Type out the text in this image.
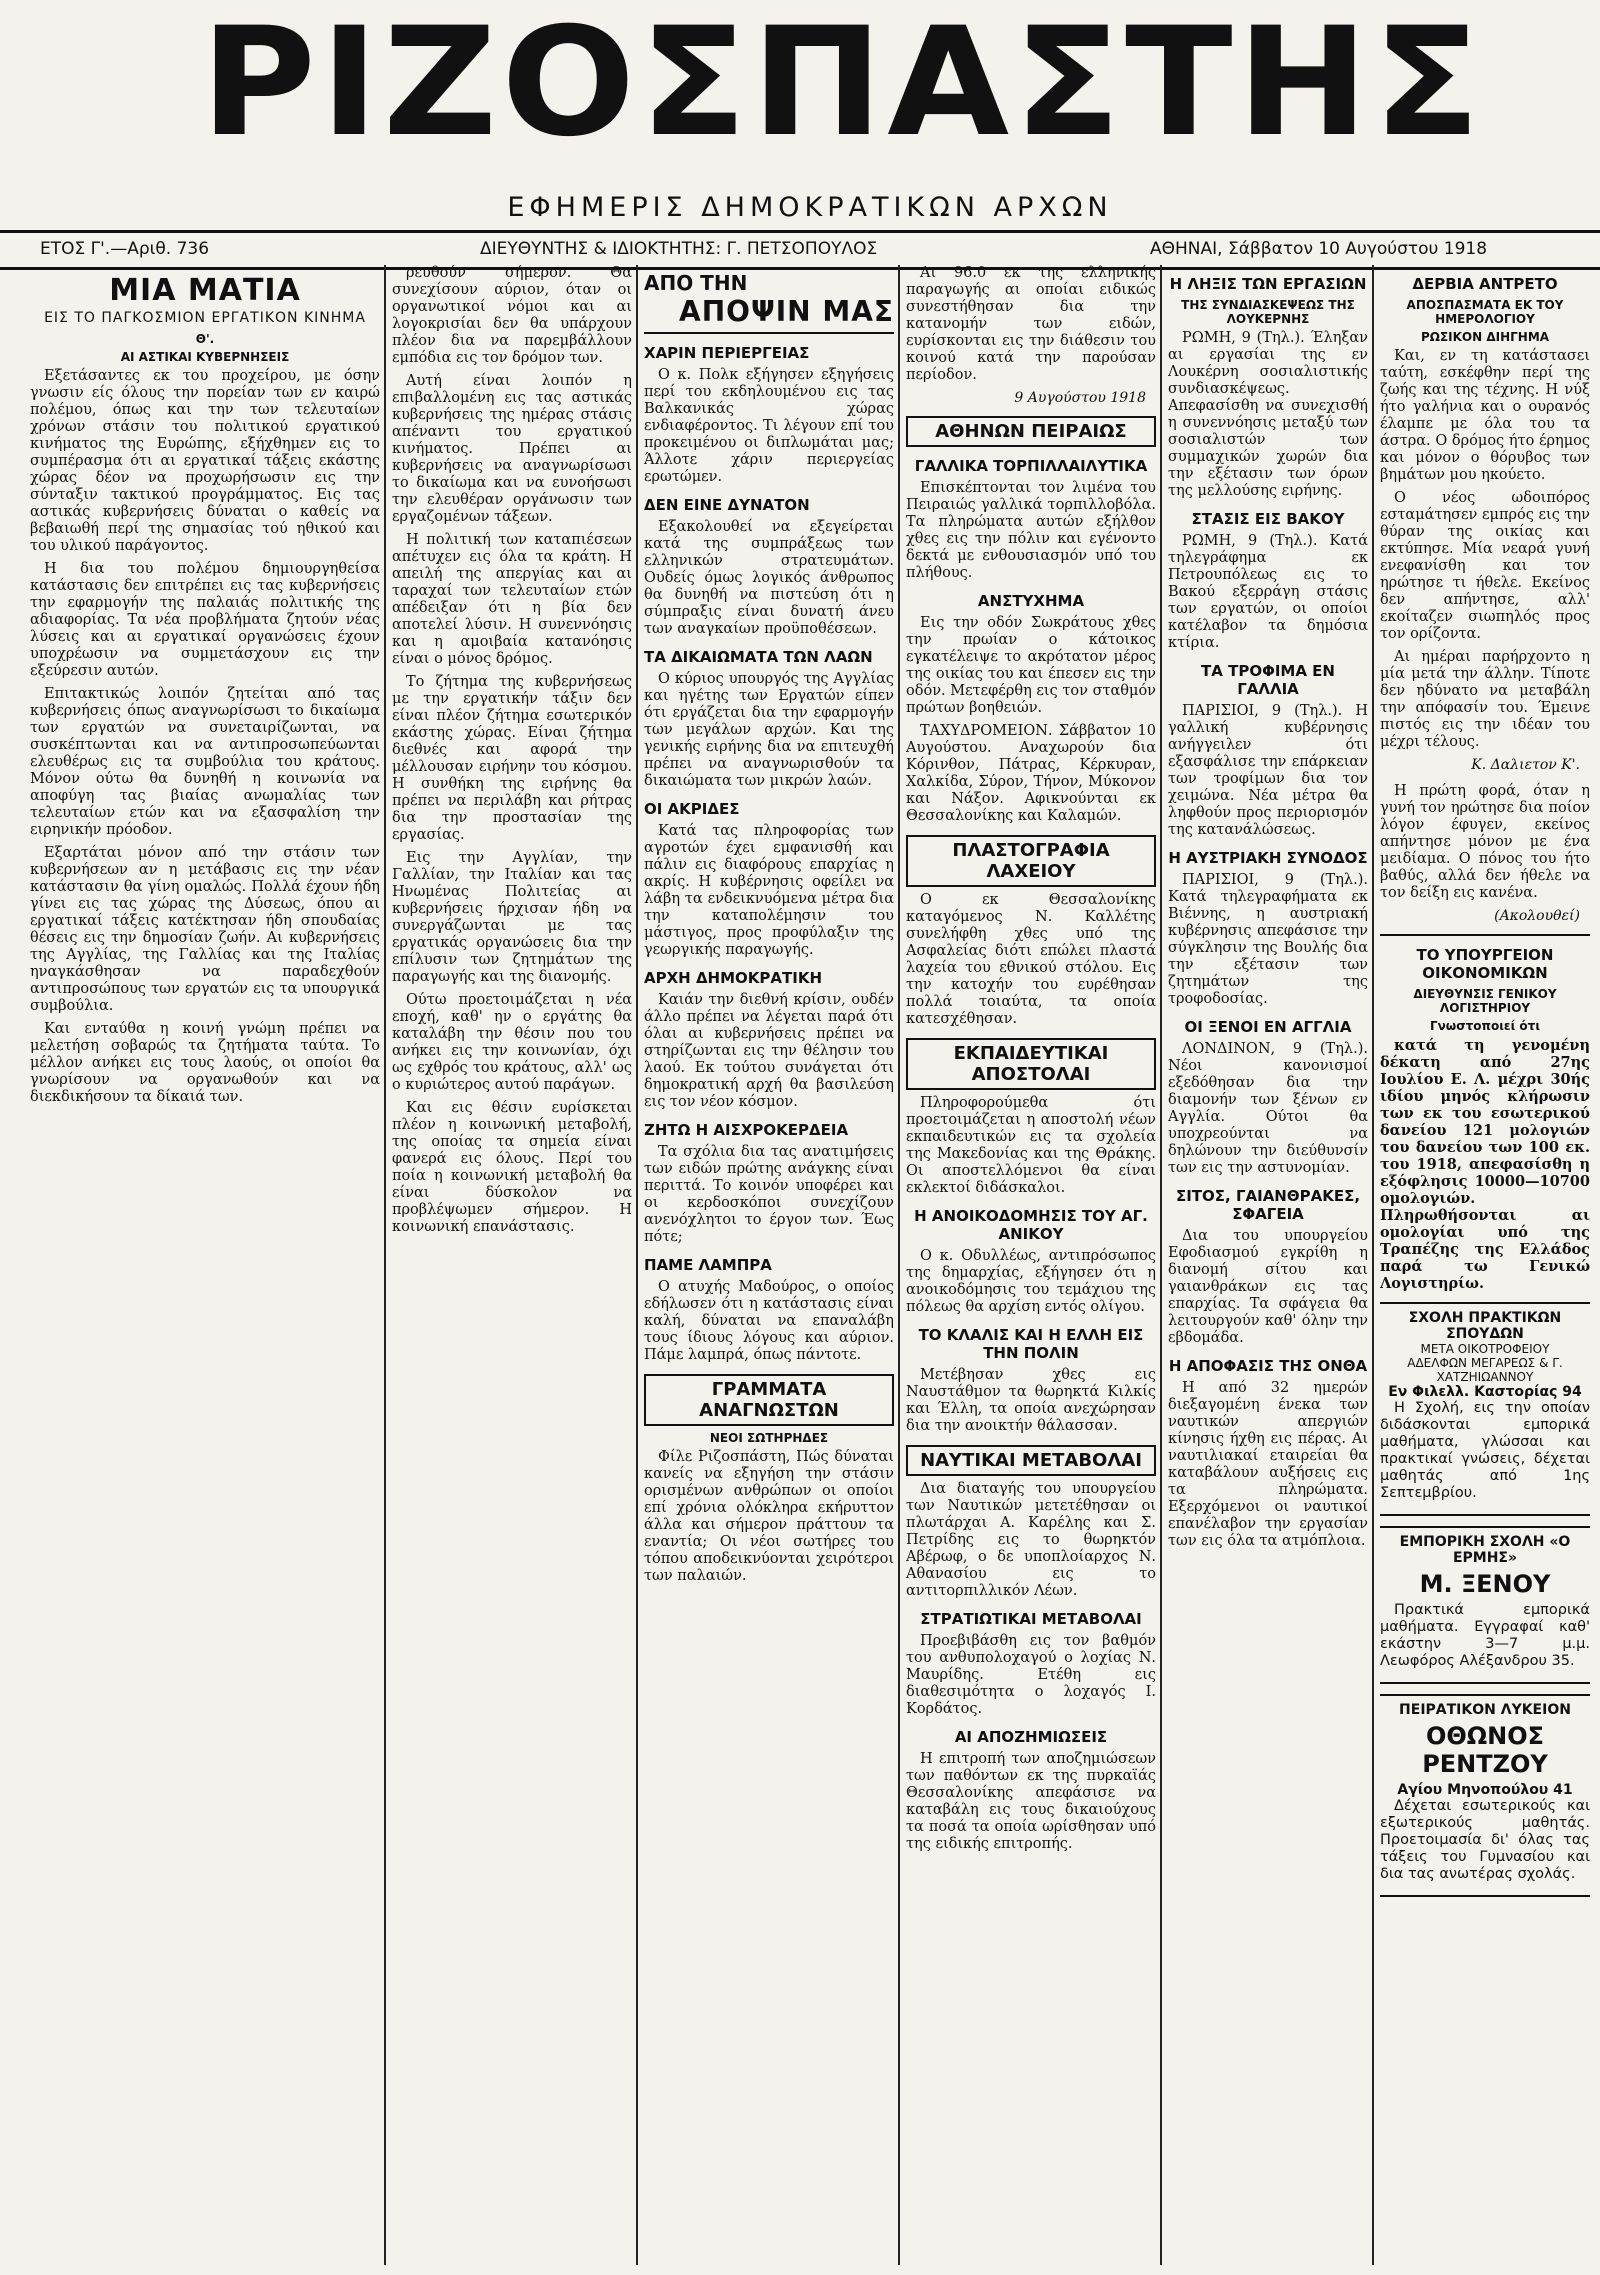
ΡΙΖΟΣΠΑΣΤΗΣ
ΕΦΗΜΕΡΙΣ ΔΗΜΟΚΡΑΤΙΚΩΝ ΑΡΧΩΝ
ΕΤΟΣ Γ'.—Αριθ. 736	ΔΙΕΥΘΥΝΤΗΣ & ΙΔΙΟΚΤΗΤΗΣ: Γ. ΠΕΤΣΟΠΟΥΛΟΣ	ΑΘΗΝΑΙ, Σάββατον 10 Αυγούστου 1918
ΜΙΑ ΜΑΤΙΑ
ΕΙΣ ΤΟ ΠΑΓΚΟΣΜΙΟΝ ΕΡΓΑΤΙΚΟΝ ΚΙΝΗΜΑ
Θ'.
ΑΙ ΑΣΤΙΚΑΙ ΚΥΒΕΡΝΗΣΕΙΣ

Εξετάσαντες εκ του προχείρου, με όσην γνωσιν είς όλους την πορείαν των εν καιρώ πολέμου, όπως και την των τελευταίων χρόνων στάσιν του πολιτικού εργατικού κινήματος της Ευρώπης, εξήχθημεν εις το συμπέρασμα ότι αι εργατικαί τάξεις εκάστης χώρας δέον να προχωρήσωσιν εις την σύνταξιν τακτικού προγράμματος. Εις τας αστικάς κυβερνήσεις δύναται ο καθείς να βεβαιωθή περί της σημασίας τού ηθικού και του υλικού παράγοντος.

Η δια του πολέμου δημιουργηθείσα κατάστασις δεν επιτρέπει εις τας κυβερνήσεις την εφαρμογήν της παλαιάς πολιτικής της αδιαφορίας. Τα νέα προβλήματα ζητούν νέας λύσεις και αι εργατικαί οργανώσεις έχουν υποχρέωσιν να συμμετάσχουν εις την εξεύρεσιν αυτών.

Επιτακτικώς λοιπόν ζητείται από τας κυβερνήσεις όπως αναγνωρίσωσι το δικαίωμα των εργατών να συνεταιρίζωνται, να συσκέπτωνται και να αντιπροσωπεύωνται ελευθέρως εις τα συμβούλια του κράτους. Μόνον ούτω θα δυνηθή η κοινωνία να αποφύγη τας βιαίας ανωμαλίας των τελευταίων ετών και να εξασφαλίση την ειρηνικήν πρόοδον.

Εξαρτάται μόνον από την στάσιν των κυβερνήσεων αν η μετάβασις εις την νέαν κατάστασιν θα γίνη ομαλώς. Πολλά έχουν ήδη γίνει εις τας χώρας της Δύσεως, όπου αι εργατικαί τάξεις κατέκτησαν ήδη σπουδαίας θέσεις εις την δημοσίαν ζωήν. Αι κυβερνήσεις της Αγγλίας, της Γαλλίας και της Ιταλίας ηναγκάσθησαν να παραδεχθούν αντιπροσώπους των εργατών εις τα υπουργικά συμβούλια.

Και ενταύθα η κοινή γνώμη πρέπει να μελετήση σοβαρώς τα ζητήματα ταύτα. Το μέλλον ανήκει εις τους λαούς, οι οποίοι θα γνωρίσουν να οργανωθούν και να διεκδικήσουν τα δίκαιά των.

ρευθούν σήμερον. Θα συνεχίσουν αύριον, όταν οι οργανωτικοί νόμοι και αι λογοκρισίαι δεν θα υπάρχουν πλέον δια να παρεμβάλλουν εμπόδια εις τον δρόμον των.

Αυτή είναι λοιπόν η επιβαλλομένη εις τας αστικάς κυβερνήσεις της ημέρας στάσις απέναντι του εργατικού κινήματος. Πρέπει αι κυβερνήσεις να αναγνωρίσωσι το δικαίωμα και να ευνοήσωσι την ελευθέραν οργάνωσιν των εργαζομένων τάξεων.

Η πολιτική των καταπιέσεων απέτυχεν εις όλα τα κράτη. Η απειλή της απεργίας και αι ταραχαί των τελευταίων ετών απέδειξαν ότι η βία δεν αποτελεί λύσιν. Η συνεννόησις και η αμοιβαία κατανόησις είναι ο μόνος δρόμος.

Το ζήτημα της κυβερνήσεως με την εργατικήν τάξιν δεν είναι πλέον ζήτημα εσωτερικόν εκάστης χώρας. Είναι ζήτημα διεθνές και αφορά την μέλλουσαν ειρήνην του κόσμου. Η συνθήκη της ειρήνης θα πρέπει να περιλάβη και ρήτρας δια την προστασίαν της εργασίας.

Εις την Αγγλίαν, την Γαλλίαν, την Ιταλίαν και τας Ηνωμένας Πολιτείας αι κυβερνήσεις ήρχισαν ήδη να συνεργάζωνται με τας εργατικάς οργανώσεις δια την επίλυσιν των ζητημάτων της παραγωγής και της διανομής.

Ούτω προετοιμάζεται η νέα εποχή, καθ' ην ο εργάτης θα καταλάβη την θέσιν που του ανήκει εις την κοινωνίαν, όχι ως εχθρός του κράτους, αλλ' ως ο κυριώτερος αυτού παράγων.

Και εις θέσιν ευρίσκεται πλέον η κοινωνική μεταβολή, της οποίας τα σημεία είναι φανερά εις όλους. Περί του ποία η κοινωνική μεταβολή θα είναι δύσκολον να προβλέψωμεν σήμερον. Η κοινωνική επανάστασις.

ΑΠΟ ΤΗΝ
ΑΠΟΨΙΝ ΜΑΣ
ΧΑΡΙΝ ΠΕΡΙΕΡΓΕΙΑΣ

Ο κ. Πολκ εξήγησεν εξηγήσεις περί του εκδηλουμένου εις τας Βαλκανικάς χώρας ενδιαφέροντος. Τι λέγουν επί του προκειμένου οι διπλωμάται μας; Άλλοτε χάριν περιεργείας ερωτώμεν.

ΔΕΝ ΕΙΝΕ ΔΥΝΑΤΟΝ

Εξακολουθεί να εξεγείρεται κατά της συμπράξεως των ελληνικών στρατευμάτων. Ουδείς όμως λογικός άνθρωπος θα δυνηθή να πιστεύση ότι η σύμπραξις είναι δυνατή άνευ των αναγκαίων προϋποθέσεων.

ΤΑ ΔΙΚΑΙΩΜΑΤΑ ΤΩΝ ΛΑΩΝ

Ο κύριος υπουργός της Αγγλίας και ηγέτης των Εργατών είπεν ότι εργάζεται δια την εφαρμογήν των μεγάλων αρχών. Και της γενικής ειρήνης δια να επιτευχθή πρέπει να αναγνωρισθούν τα δικαιώματα των μικρών λαών.

ΟΙ ΑΚΡΙΔΕΣ

Κατά τας πληροφορίας των αγροτών έχει εμφανισθή και πάλιν εις διαφόρους επαρχίας η ακρίς. Η κυβέρνησις οφείλει να λάβη τα ενδεικνυόμενα μέτρα δια την καταπολέμησιν του μάστιγος, προς προφύλαξιν της γεωργικής παραγωγής.

ΑΡΧΗ ΔΗΜΟΚΡΑΤΙΚΗ

Καιάν την διεθνή κρίσιν, ουδέν άλλο πρέπει να λέγεται παρά ότι όλαι αι κυβερνήσεις πρέπει να στηρίζωνται εις την θέλησιν του λαού. Εκ τούτου συνάγεται ότι δημοκρατική αρχή θα βασιλεύση εις τον νέον κόσμον.

ΖΗΤΩ Η ΑΙΣΧΡΟΚΕΡΔΕΙΑ

Τα σχόλια δια τας ανατιμήσεις των ειδών πρώτης ανάγκης είναι περιττά. Το κοινόν υποφέρει και οι κερδοσκόποι συνεχίζουν ανενόχλητοι το έργον των. Έως πότε;

ΠΑΜΕ ΛΑΜΠΡΑ

Ο ατυχής Μαδούρος, ο οποίος εδήλωσεν ότι η κατάστασις είναι καλή, δύναται να επαναλάβη τους ίδιους λόγους και αύριον. Πάμε λαμπρά, όπως πάντοτε.

ΓΡΑΜΜΑΤΑ ΑΝΑΓΝΩΣΤΩΝ
ΝΕΟΙ ΣΩΤΗΡΗΔΕΣ

Φίλε Ριζοσπάστη, Πώς δύναται κανείς να εξηγήση την στάσιν ορισμένων ανθρώπων οι οποίοι επί χρόνια ολόκληρα εκήρυττον άλλα και σήμερον πράττουν τα εναντία; Οι νέοι σωτήρες του τόπου αποδεικνύονται χειρότεροι των παλαιών.

Αι 96.0 εκ της ελληνικής παραγωγής αι οποίαι ειδικώς συνεστήθησαν δια την κατανομήν των ειδών, ευρίσκονται εις την διάθεσιν του κοινού κατά την παρούσαν περίοδον.

9 Αυγούστου 1918
ΑΘΗΝΩΝ ΠΕΙΡΑΙΩΣ
ΓΑΛΛΙΚΑ ΤΟΡΠΙΛΛΑΙΛΥΤΙΚΑ

Επισκέπτονται τον λιμένα του Πειραιώς γαλλικά τορπιλλοβόλα. Τα πληρώματα αυτών εξήλθον χθες εις την πόλιν και εγένοντο δεκτά με ενθουσιασμόν υπό του πλήθους.

ΑΝΣΤΥΧΗΜΑ

Εις την οδόν Σωκράτους χθες την πρωίαν ο κάτοικος εγκατέλειψε το ακρότατον μέρος της οικίας του και έπεσεν εις την οδόν. Μετεφέρθη εις τον σταθμόν πρώτων βοηθειών.

ΤΑΧΥΔΡΟΜΕΙΟΝ. Σάββατον 10 Αυγούστου. Αναχωρούν δια Κόρινθον, Πάτρας, Κέρκυραν, Χαλκίδα, Σύρον, Τήνον, Μύκονον και Νάξον. Αφικνούνται εκ Θεσσαλονίκης και Καλαμών.

ΠΛΑΣΤΟΓΡΑΦΙΑ ΛΑΧΕΙΟΥ

Ο εκ Θεσσαλονίκης καταγόμενος Ν. Καλλέτης συνελήφθη χθες υπό της Ασφαλείας διότι επώλει πλαστά λαχεία του εθνικού στόλου. Εις την κατοχήν του ευρέθησαν πολλά τοιαύτα, τα οποία κατεσχέθησαν.

ΕΚΠΑΙΔΕΥΤΙΚΑΙ ΑΠΟΣΤΟΛΑΙ

Πληροφορούμεθα ότι προετοιμάζεται η αποστολή νέων εκπαιδευτικών εις τα σχολεία της Μακεδονίας και της Θράκης. Οι αποστελλόμενοι θα είναι εκλεκτοί διδάσκαλοι.

Η ΑΝΟΙΚΟΔΟΜΗΣΙΣ ΤΟΥ ΑΓ. ΑΝΙΚΟΥ

Ο κ. Οδυλλέως, αντιπρόσωπος της δημαρχίας, εξήγησεν ότι η ανοικοδόμησις του τεμάχιου της πόλεως θα αρχίση εντός ολίγου.

ΤΟ ΚΛΑΛΙΣ ΚΑΙ Η ΕΛΛΗ ΕΙΣ ΤΗΝ ΠΟΛΙΝ

Μετέβησαν χθες εις Ναυστάθμον τα θωρηκτά Κιλκίς και Έλλη, τα οποία ανεχώρησαν δια την ανοικτήν θάλασσαν.

ΝΑΥΤΙΚΑΙ ΜΕΤΑΒΟΛΑΙ

Δια διαταγής του υπουργείου των Ναυτικών μετετέθησαν οι πλωτάρχαι Α. Καρέλης και Σ. Πετρίδης εις το θωρηκτόν Αβέρωφ, ο δε υποπλοίαρχος Ν. Αθανασίου εις το αντιτορπιλλικόν Λέων.

ΣΤΡΑΤΙΩΤΙΚΑΙ ΜΕΤΑΒΟΛΑΙ

Προεβιβάσθη εις τον βαθμόν του ανθυπολοχαγού ο λοχίας Ν. Μαυρίδης. Ετέθη εις διαθεσιμότητα ο λοχαγός Ι. Κορδάτος.

ΑΙ ΑΠΟΖΗΜΙΩΣΕΙΣ

Η επιτροπή των αποζημιώσεων των παθόντων εκ της πυρκαϊάς Θεσσαλονίκης απεφάσισε να καταβάλη εις τους δικαιούχους τα ποσά τα οποία ωρίσθησαν υπό της ειδικής επιτροπής.

ΔΕΡΒΙΑ ΑΝΤΡΕΤΟ
ΑΠΟΣΠΑΣΜΑΤΑ ΕΚ ΤΟΥ ΗΜΕΡΟΛΟΓΙΟΥ
ΡΩΣΙΚΟΝ ΔΙΗΓΗΜΑ

Και, εν τη κατάστασει ταύτη, εσκέφθην περί της ζωής και της τέχνης. Η νύξ ήτο γαλήνια και ο ουρανός έλαμπε με όλα του τα άστρα. Ο δρόμος ήτο έρημος και μόνον ο θόρυβος των βημάτων μου ηκούετο.

Ο νέος ωδοιπόρος εσταμάτησεν εμπρός εις την θύραν της οικίας και εκτύπησε. Μία νεαρά γυνή ενεφανίσθη και τον ηρώτησε τι ήθελε. Εκείνος δεν απήντησε, αλλ' εκοίταζεν σιωπηλός προς τον ορίζοντα.

Αι ημέραι παρήρχοντο η μία μετά την άλλην. Τίποτε δεν ηδύνατο να μεταβάλη την απόφασίν του. Έμεινε πιστός εις την ιδέαν του μέχρι τέλους.

Κ. Δαλιετον Κ'.

Η πρώτη φορά, όταν η γυνή τον ηρώτησε δια ποίον λόγον έφυγεν, εκείνος απήντησε μόνον με ένα μειδίαμα. Ο πόνος του ήτο βαθύς, αλλά δεν ήθελε να τον δείξη εις κανένα.

(Ακολουθεί)
ΤΟ ΥΠΟΥΡΓΕΙΟΝ ΟΙΚΟΝΟΜΙΚΩΝ
ΔΙΕΥΘΥΝΣΙΣ ΓΕΝΙΚΟΥ ΛΟΓΙΣΤΗΡΙΟΥ
Γνωστοποιεί ότι

κατά τη γενομένη δέκατη από 27ης Ιουλίου Ε. Λ. μέχρι 30ής ιδίου μηνός κλήρωσιν των εκ του εσωτερικού δανείου 121 μολογιών του δανείου των 100 εκ. του 1918, απεφασίσθη η εξόφλησις 10000—10700 ομολογιών. Πληρωθήσονται αι ομολογίαι υπό της Τραπέζης της Ελλάδος παρά τω Γενικώ Λογιστηρίω.

ΣΧΟΛΗ ΠΡΑΚΤΙΚΩΝ ΣΠΟΥΔΩΝ
ΜΕΤΑ ΟΙΚΟΤΡΟΦΕΙΟΥ
ΑΔΕΛΦΩΝ ΜΕΓΑΡΕΩΣ & Γ. ΧΑΤΖΗΙΩΑΝΝΟΥ
Εν Φιλελλ. Καστορίας 94

Η Σχολή, εις την οποίαν διδάσκονται εμπορικά μαθήματα, γλώσσαι και πρακτικαί γνώσεις, δέχεται μαθητάς από 1ης Σεπτεμβρίου.

ΕΜΠΟΡΙΚΗ ΣΧΟΛΗ «Ο ΕΡΜΗΣ»
Μ. ΞΕΝΟΥ

Πρακτικά εμπορικά μαθήματα. Εγγραφαί καθ' εκάστην 3—7 μ.μ. Λεωφόρος Αλέξανδρου 35.

ΠΕΙΡΑΤΙΚΟΝ ΛΥΚΕΙΟΝ
ΟΘΩΝΟΣ ΡΕΝΤΖΟΥ
Αγίου Μηνοπούλου 41

Δέχεται εσωτερικούς και εξωτερικούς μαθητάς. Προετοιμασία δι' όλας τας τάξεις του Γυμνασίου και δια τας ανωτέρας σχολάς.

Η ΛΗΞΙΣ ΤΩΝ ΕΡΓΑΣΙΩΝ
ΤΗΣ ΣΥΝΔΙΑΣΚΕΨΕΩΣ ΤΗΣ ΛΟΥΚΕΡΝΗΣ

ΡΩΜΗ, 9 (Τηλ.). Έληξαν αι εργασίαι της εν Λουκέρνη σοσιαλιστικής συνδιασκέψεως. Απεφασίσθη να συνεχισθή η συνεννόησις μεταξύ των σοσιαλιστών των συμμαχικών χωρών δια την εξέτασιν των όρων της μελλούσης ειρήνης.

ΣΤΑΣΙΣ ΕΙΣ ΒΑΚΟΥ

ΡΩΜΗ, 9 (Τηλ.). Κατά τηλεγράφημα εκ Πετρουπόλεως εις το Βακού εξερράγη στάσις των εργατών, οι οποίοι κατέλαβον τα δημόσια κτίρια.

ΤΑ ΤΡΟΦΙΜΑ ΕΝ ΓΑΛΛΙΑ

ΠΑΡΙΣΙΟΙ, 9 (Τηλ.). Η γαλλική κυβέρνησις ανήγγειλεν ότι εξασφάλισε την επάρκειαν των τροφίμων δια τον χειμώνα. Νέα μέτρα θα ληφθούν προς περιορισμόν της κατανάλώσεως.

Η ΑΥΣΤΡΙΑΚΗ ΣΥΝΟΔΟΣ

ΠΑΡΙΣΙΟΙ, 9 (Τηλ.). Κατά τηλεγραφήματα εκ Βιέννης, η αυστριακή κυβέρνησις απεφάσισε την σύγκλησιν της Βουλής δια την εξέτασιν των ζητημάτων της τροφοδοσίας.

ΟΙ ΞΕΝΟΙ ΕΝ ΑΓΓΛΙΑ

ΛΟΝΔΙΝΟΝ, 9 (Τηλ.). Νέοι κανονισμοί εξεδόθησαν δια την διαμονήν των ξένων εν Αγγλία. Ούτοι θα υποχρεούνται να δηλώνουν την διεύθυνσίν των εις την αστυνομίαν.

ΣΙΤΟΣ, ΓΑΙΑΝΘΡΑΚΕΣ, ΣΦΑΓΕΙΑ

Δια του υπουργείου Εφοδιασμού εγκρίθη η διανομή σίτου και γαιανθράκων εις τας επαρχίας. Τα σφάγεια θα λειτουργούν καθ' όλην την εβδομάδα.

Η ΑΠΟΦΑΣΙΣ ΤΗΣ ΟΝΘΑ

Η από 32 ημερών διεξαγομένη ένεκα των ναυτικών απεργιών κίνησις ήχθη εις πέρας. Αι ναυτιλιακαί εταιρείαι θα καταβάλουν αυξήσεις εις τα πληρώματα. Εξερχόμενοι οι ναυτικοί επανέλαβον την εργασίαν των εις όλα τα ατμόπλοια.
